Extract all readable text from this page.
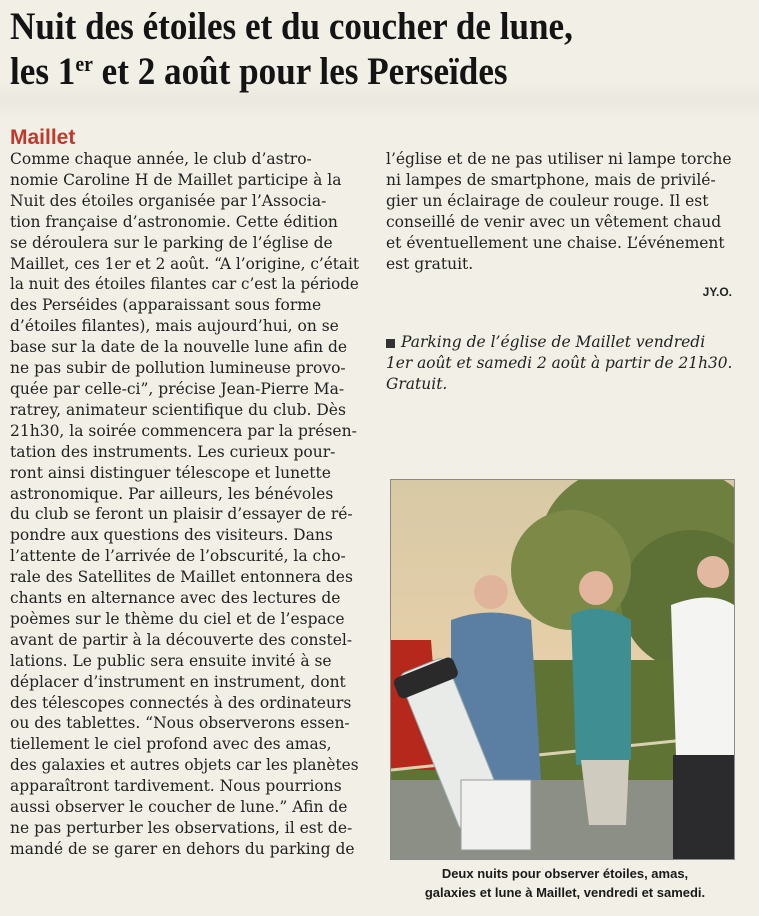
Nuit des étoiles et du coucher de lune,
les 1er et 2 août pour les Perseïdes
Maillet
Comme chaque année, le club d’astro-
nomie Caroline H de Maillet participe à la
Nuit des étoiles organisée par l’Associa-
tion française d’astronomie. Cette édition
se déroulera sur le parking de l’église de
Maillet, ces 1er et 2 août. “A l’origine, c’était
la nuit des étoiles filantes car c’est la période
des Perséides (apparaissant sous forme
d’étoiles filantes), mais aujourd’hui, on se
base sur la date de la nouvelle lune afin de
ne pas subir de pollution lumineuse provo-
quée par celle-ci”, précise Jean-Pierre Ma-
ratrey, animateur scientifique du club. Dès
21h30, la soirée commencera par la présen-
tation des instruments. Les curieux pour-
ront ainsi distinguer télescope et lunette
astronomique. Par ailleurs, les bénévoles
du club se feront un plaisir d’essayer de ré-
pondre aux questions des visiteurs. Dans
l’attente de l’arrivée de l’obscurité, la cho-
rale des Satellites de Maillet entonnera des
chants en alternance avec des lectures de
poèmes sur le thème du ciel et de l’espace
avant de partir à la découverte des constel-
lations. Le public sera ensuite invité à se
déplacer d’instrument en instrument, dont
des télescopes connectés à des ordinateurs
ou des tablettes. “Nous observerons essen-
tiellement le ciel profond avec des amas,
des galaxies et autres objets car les planètes
apparaîtront tardivement. Nous pourrions
aussi observer le coucher de lune.” Afin de
ne pas perturber les observations, il est de-
mandé de se garer en dehors du parking de
l’église et de ne pas utiliser ni lampe torche
ni lampes de smartphone, mais de privilé-
gier un éclairage de couleur rouge. Il est
conseillé de venir avec un vêtement chaud
et éventuellement une chaise. L’événement
est gratuit.
JY.O.
Parking de l’église de Maillet vendredi
1er août et samedi 2 août à partir de 21h30.
Gratuit.
Deux nuits pour observer étoiles, amas,
galaxies et lune à Maillet, vendredi et samedi.
